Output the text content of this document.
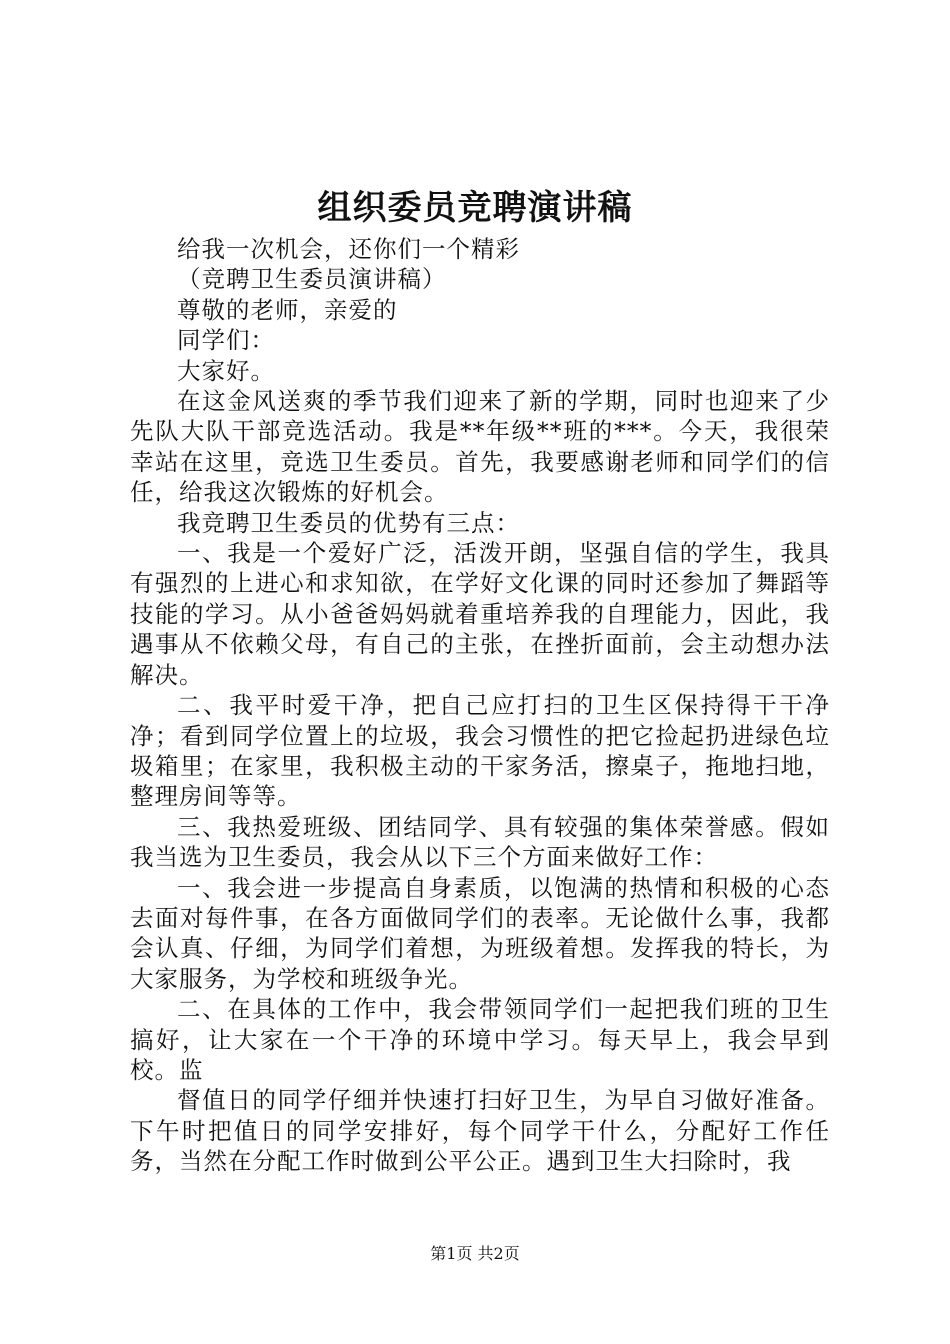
组织委员竞聘演讲稿

给我一次机会，还你们一个精彩

（竞聘卫生委员演讲稿）

尊敬的老师，亲爱的

同学们：

大家好。

在这金风送爽的季节我们迎来了新的学期，同时也迎来了少先队大队干部竞选活动。我是**年级**班的***。今天，我很荣幸站在这里，竞选卫生委员。首先，我要感谢老师和同学们的信任，给我这次锻炼的好机会。

我竞聘卫生委员的优势有三点：

一、我是一个爱好广泛，活泼开朗，坚强自信的学生，我具有强烈的上进心和求知欲，在学好文化课的同时还参加了舞蹈等技能的学习。从小爸爸妈妈就着重培养我的自理能力，因此，我遇事从不依赖父母，有自己的主张，在挫折面前，会主动想办法解决。

二、我平时爱干净，把自己应打扫的卫生区保持得干干净净；看到同学位置上的垃圾，我会习惯性的把它捡起扔进绿色垃圾箱里；在家里，我积极主动的干家务活，擦桌子，拖地扫地，整理房间等等。

三、我热爱班级、团结同学、具有较强的集体荣誉感。假如我当选为卫生委员，我会从以下三个方面来做好工作：

一、我会进一步提高自身素质，以饱满的热情和积极的心态去面对每件事，在各方面做同学们的表率。无论做什么事，我都会认真、仔细，为同学们着想，为班级着想。发挥我的特长，为大家服务，为学校和班级争光。

二、在具体的工作中，我会带领同学们一起把我们班的卫生搞好，让大家在一个干净的环境中学习。每天早上，我会早到校。监

督值日的同学仔细并快速打扫好卫生，为早自习做好准备。下午时把值日的同学安排好，每个同学干什么，分配好工作任务，当然在分配工作时做到公平公正。遇到卫生大扫除时，我

第1页 共2页
